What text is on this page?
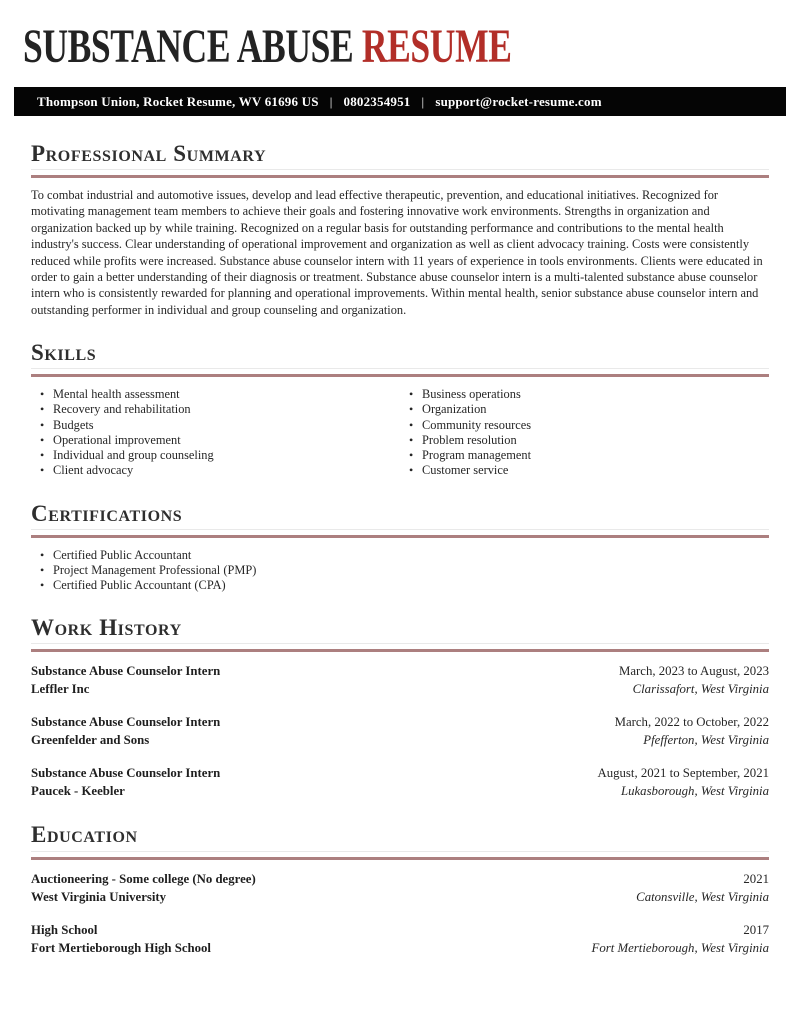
SUBSTANCE ABUSE RESUME
Thompson Union, Rocket Resume, WV 61696 US | 0802354951 | support@rocket-resume.com
Professional Summary

To combat industrial and automotive issues, develop and lead effective therapeutic, prevention, and educational initiatives. Recognized for motivating management team members to achieve their goals and fostering innovative work environments. Strengths in organization and organization backed up by while training. Recognized on a regular basis for outstanding performance and contributions to the mental health industry's success. Clear understanding of operational improvement and organization as well as client advocacy training. Costs were consistently reduced while profits were increased. Substance abuse counselor intern with 11 years of experience in tools environments. Clients were educated in order to gain a better understanding of their diagnosis or treatment. Substance abuse counselor intern is a multi-talented substance abuse counselor intern who is consistently rewarded for planning and operational improvements. Within mental health, senior substance abuse counselor intern and outstanding performer in individual and group counseling and organization.

Skills
• Mental health assessment
• Recovery and rehabilitation
• Budgets
• Operational improvement
• Individual and group counseling
• Client advocacy
• Business operations
• Organization
• Community resources
• Problem resolution
• Program management
• Customer service
Certifications
• Certified Public Accountant
• Project Management Professional (PMP)
• Certified Public Accountant (CPA)
Work History
Substance Abuse Counselor Intern	March, 2023 to August, 2023
Leffler Inc	Clarissafort, West Virginia
Substance Abuse Counselor Intern	March, 2022 to October, 2022
Greenfelder and Sons	Pfefferton, West Virginia
Substance Abuse Counselor Intern	August, 2021 to September, 2021
Paucek - Keebler	Lukasborough, West Virginia
Education
Auctioneering - Some college (No degree)	2021
West Virginia University	Catonsville, West Virginia
High School	2017
Fort Mertieborough High School	Fort Mertieborough, West Virginia
